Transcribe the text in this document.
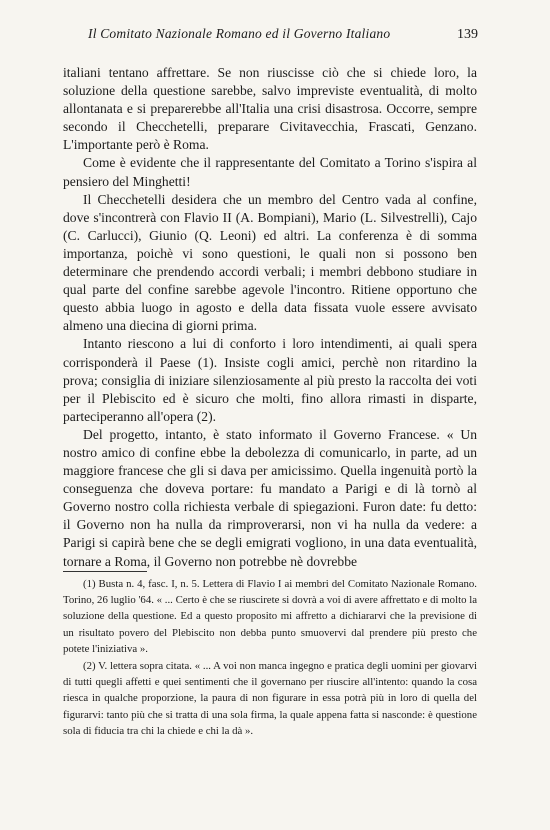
Il Comitato Nazionale Romano ed il Governo Italiano	139

italiani tentano affrettare. Se non riuscisse ciò che si chiede loro, la soluzione della questione sarebbe, salvo impreviste eventualità, di molto allontanata e si preparerebbe all'Italia una crisi disastrosa. Occorre, sempre secondo il Checchetelli, preparare Civitavecchia, Frascati, Genzano. L'importante però è Roma.

Come è evidente che il rappresentante del Comitato a Torino s'ispira al pensiero del Minghetti!

Il Checchetelli desidera che un membro del Centro vada al confine, dove s'incontrerà con Flavio II (A. Bompiani), Mario (L. Silvestrelli), Cajo (C. Carlucci), Giunio (Q. Leoni) ed altri. La conferenza è di somma importanza, poichè vi sono questioni, le quali non si possono ben determinare che prendendo accordi verbali; i membri debbono studiare in qual parte del confine sarebbe agevole l'incontro. Ritiene opportuno che questo abbia luogo in agosto e della data fissata vuole essere avvisato almeno una diecina di giorni prima.

Intanto riescono a lui di conforto i loro intendimenti, ai quali spera corrisponderà il Paese (1). Insiste cogli amici, perchè non ritardino la prova; consiglia di iniziare silenziosamente al più presto la raccolta dei voti per il Plebiscito ed è sicuro che molti, fino allora rimasti in disparte, parteciperanno all'opera (2).

Del progetto, intanto, è stato informato il Governo Francese. « Un nostro amico di confine ebbe la debolezza di comunicarlo, in parte, ad un maggiore francese che gli si dava per amicissimo. Quella ingenuità portò la conseguenza che doveva portare: fu mandato a Parigi e di là tornò al Governo nostro colla richiesta verbale di spiegazioni. Furon date: fu detto: il Governo non ha nulla da rimproverarsi, non vi ha nulla da vedere: a Parigi si capirà bene che se degli emigrati vogliono, in una data eventualità, tornare a Roma, il Governo non potrebbe nè dovrebbe

(1) Busta n. 4, fasc. I, n. 5. Lettera di Flavio I ai membri del Comitato Nazionale Romano. Torino, 26 luglio '64. « ... Certo è che se riuscirete si dovrà a voi di avere affrettato e di molto la soluzione della questione. Ed a questo proposito mi affretto a dichiararvi che la previsione di un risultato povero del Plebiscito non debba punto smuovervi dal prendere più presto che potete l'iniziativa ».

(2) V. lettera sopra citata. « ... A voi non manca ingegno e pratica degli uomini per giovarvi di tutti quegli affetti e quei sentimenti che il governano per riuscire all'intento: quando la cosa riesca in qualche proporzione, la paura di non figurare in essa potrà più in loro di quella del figurarvi: tanto più che si tratta di una sola firma, la quale appena fatta si nasconde: è questione sola di fiducia tra chi la chiede e chi la dà ».
